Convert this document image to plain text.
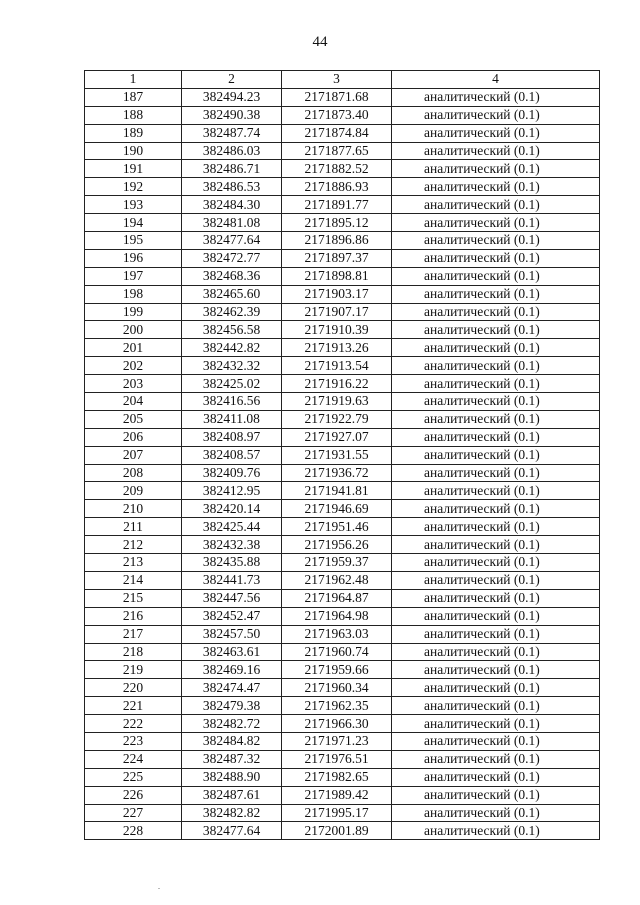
44
1	2	3	4
187	382494.23	2171871.68	аналитический (0.1)
188	382490.38	2171873.40	аналитический (0.1)
189	382487.74	2171874.84	аналитический (0.1)
190	382486.03	2171877.65	аналитический (0.1)
191	382486.71	2171882.52	аналитический (0.1)
192	382486.53	2171886.93	аналитический (0.1)
193	382484.30	2171891.77	аналитический (0.1)
194	382481.08	2171895.12	аналитический (0.1)
195	382477.64	2171896.86	аналитический (0.1)
196	382472.77	2171897.37	аналитический (0.1)
197	382468.36	2171898.81	аналитический (0.1)
198	382465.60	2171903.17	аналитический (0.1)
199	382462.39	2171907.17	аналитический (0.1)
200	382456.58	2171910.39	аналитический (0.1)
201	382442.82	2171913.26	аналитический (0.1)
202	382432.32	2171913.54	аналитический (0.1)
203	382425.02	2171916.22	аналитический (0.1)
204	382416.56	2171919.63	аналитический (0.1)
205	382411.08	2171922.79	аналитический (0.1)
206	382408.97	2171927.07	аналитический (0.1)
207	382408.57	2171931.55	аналитический (0.1)
208	382409.76	2171936.72	аналитический (0.1)
209	382412.95	2171941.81	аналитический (0.1)
210	382420.14	2171946.69	аналитический (0.1)
211	382425.44	2171951.46	аналитический (0.1)
212	382432.38	2171956.26	аналитический (0.1)
213	382435.88	2171959.37	аналитический (0.1)
214	382441.73	2171962.48	аналитический (0.1)
215	382447.56	2171964.87	аналитический (0.1)
216	382452.47	2171964.98	аналитический (0.1)
217	382457.50	2171963.03	аналитический (0.1)
218	382463.61	2171960.74	аналитический (0.1)
219	382469.16	2171959.66	аналитический (0.1)
220	382474.47	2171960.34	аналитический (0.1)
221	382479.38	2171962.35	аналитический (0.1)
222	382482.72	2171966.30	аналитический (0.1)
223	382484.82	2171971.23	аналитический (0.1)
224	382487.32	2171976.51	аналитический (0.1)
225	382488.90	2171982.65	аналитический (0.1)
226	382487.61	2171989.42	аналитический (0.1)
227	382482.82	2171995.17	аналитический (0.1)
228	382477.64	2172001.89	аналитический (0.1)
